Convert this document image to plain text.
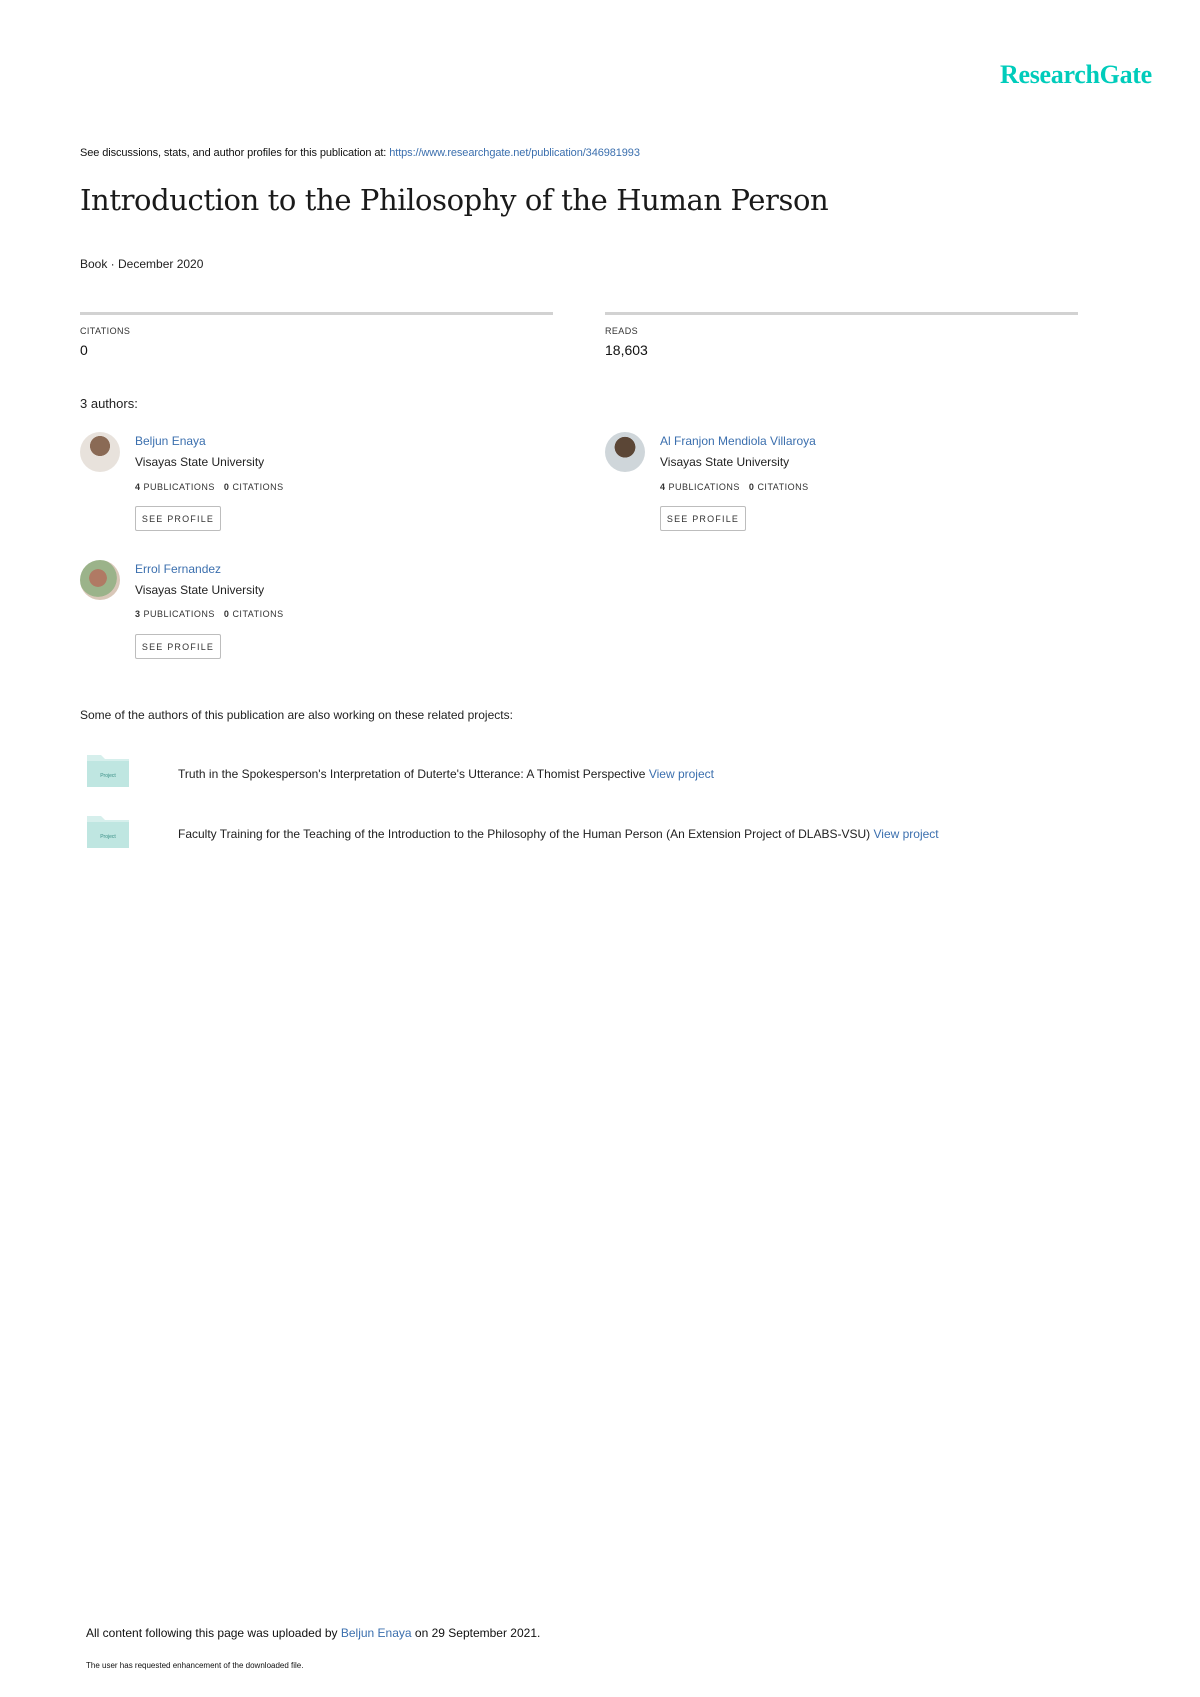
ResearchGate
See discussions, stats, and author profiles for this publication at: https://www.researchgate.net/publication/346981993
Introduction to the Philosophy of the Human Person
Book · December 2020
CITATIONS
0
READS
18,603
3 authors:
Beljun Enaya
Visayas State University
4 PUBLICATIONS 0 CITATIONS
SEE PROFILE
Al Franjon Mendiola Villaroya
Visayas State University
4 PUBLICATIONS 0 CITATIONS
SEE PROFILE
Errol Fernandez
Visayas State University
3 PUBLICATIONS 0 CITATIONS
SEE PROFILE
Some of the authors of this publication are also working on these related projects:
Project	Truth in the Spokesperson's Interpretation of Duterte's Utterance: A Thomist Perspective View project
Project	Faculty Training for the Teaching of the Introduction to the Philosophy of the Human Person (An Extension Project of DLABS-VSU) View project
All content following this page was uploaded by Beljun Enaya on 29 September 2021.
The user has requested enhancement of the downloaded file.
